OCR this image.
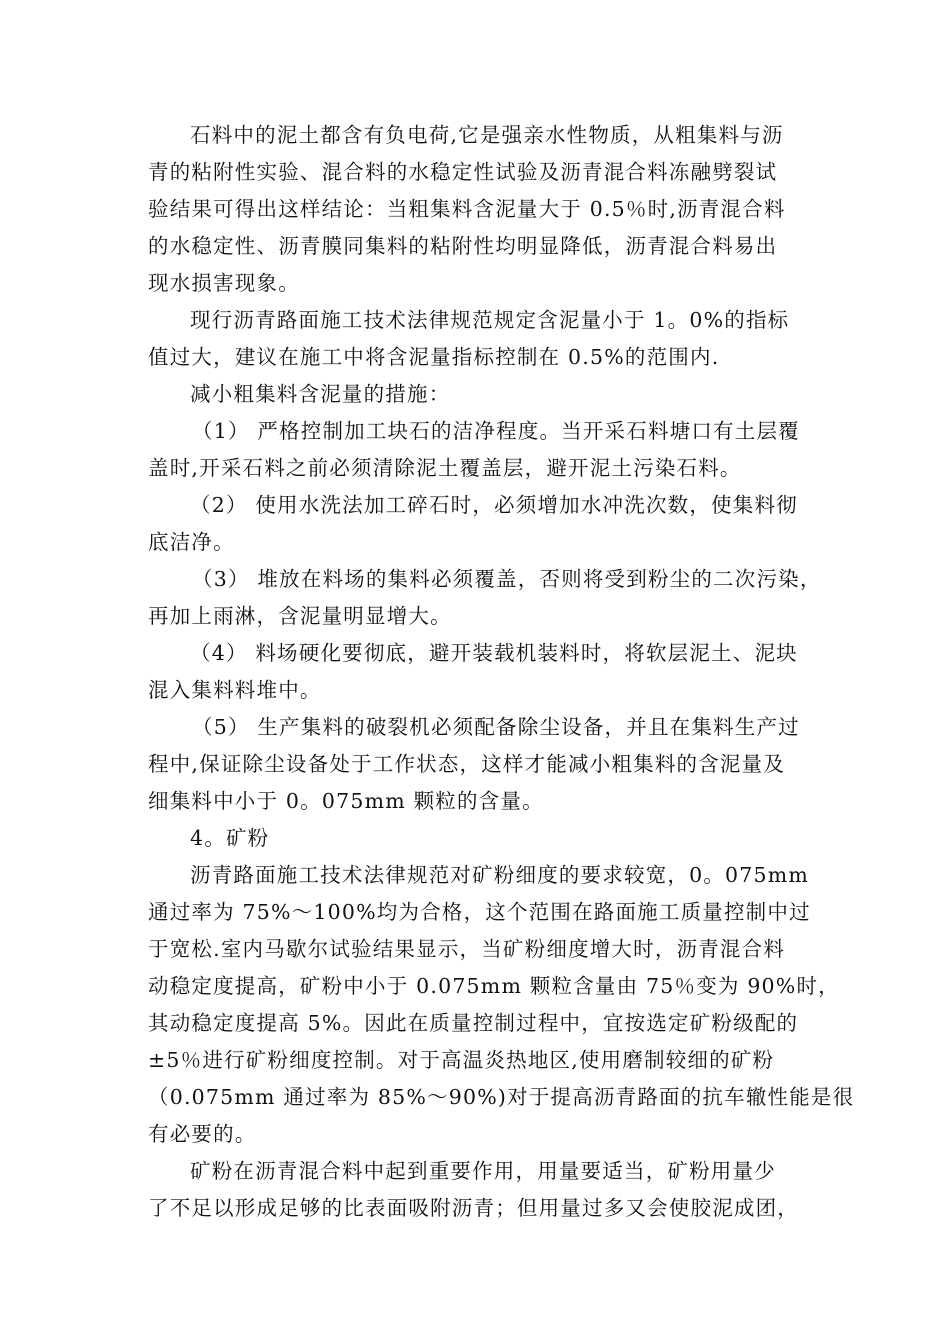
石料中的泥土都含有负电荷,它是强亲水性物质，从粗集料与沥
青的粘附性实验、混合料的水稳定性试验及沥青混合料冻融劈裂试
验结果可得出这样结论：当粗集料含泥量大于 0.5％时,沥青混合料
的水稳定性、沥青膜同集料的粘附性均明显降低，沥青混合料易出
现水损害现象。
现行沥青路面施工技术法律规范规定含泥量小于 1。0%的指标
值过大，建议在施工中将含泥量指标控制在 0.5%的范围内.
减小粗集料含泥量的措施：
（1） 严格控制加工块石的洁净程度。当开采石料塘口有土层覆
盖时,开采石料之前必须清除泥土覆盖层，避开泥土污染石料。
（2） 使用水洗法加工碎石时，必须增加水冲洗次数，使集料彻
底洁净。
（3） 堆放在料场的集料必须覆盖，否则将受到粉尘的二次污染，
再加上雨淋，含泥量明显增大。
（4） 料场硬化要彻底，避开装载机装料时，将软层泥土、泥块
混入集料料堆中。
（5） 生产集料的破裂机必须配备除尘设备，并且在集料生产过
程中,保证除尘设备处于工作状态，这样才能减小粗集料的含泥量及
细集料中小于 0。075mm 颗粒的含量。
4。矿粉
沥青路面施工技术法律规范对矿粉细度的要求较宽，0。075mm
通过率为 75%～100%均为合格，这个范围在路面施工质量控制中过
于宽松.室内马歇尔试验结果显示，当矿粉细度增大时，沥青混合料
动稳定度提高，矿粉中小于 0.075mm 颗粒含量由 75％变为 90%时，
其动稳定度提高 5%。因此在质量控制过程中，宜按选定矿粉级配的
±5％进行矿粉细度控制。对于高温炎热地区,使用磨制较细的矿粉
（0.075mm 通过率为 85%～90%)对于提高沥青路面的抗车辙性能是很
有必要的。
矿粉在沥青混合料中起到重要作用，用量要适当，矿粉用量少
了不足以形成足够的比表面吸附沥青；但用量过多又会使胶泥成团，
